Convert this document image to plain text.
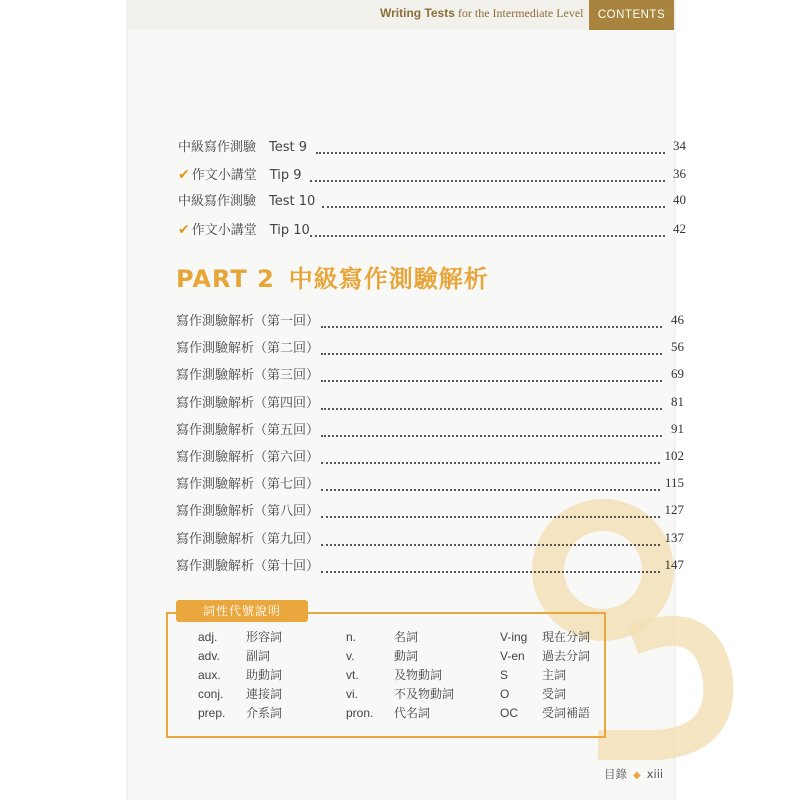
Writing Tests for the Intermediate Level	CONTENTS
中級寫作測驗　Test 9	34
✔ 作文小講堂　Tip 9	36
中級寫作測驗　Test 10	40
✔ 作文小講堂　Tip 10	42
PART 2 中級寫作測驗解析
寫作測驗解析（第一回）	46
寫作測驗解析（第二回）	56
寫作測驗解析（第三回）	69
寫作測驗解析（第四回）	81
寫作測驗解析（第五回）	91
寫作測驗解析（第六回）	102
寫作測驗解析（第七回）	115
寫作測驗解析（第八回）	127
寫作測驗解析（第九回）	137
寫作測驗解析（第十回）	147
詞性代號說明
adj. 形容詞
adv. 副詞
aux. 助動詞
conj. 連接詞
prep. 介系詞
n.	名詞
v.	動詞
vt.	及物動詞
vi.	不及物動詞
pron. 代名詞
V-ing 現在分詞
V-en 過去分詞
S	主詞
O	受詞
OC 受詞補語
目錄 ◆ xiii
